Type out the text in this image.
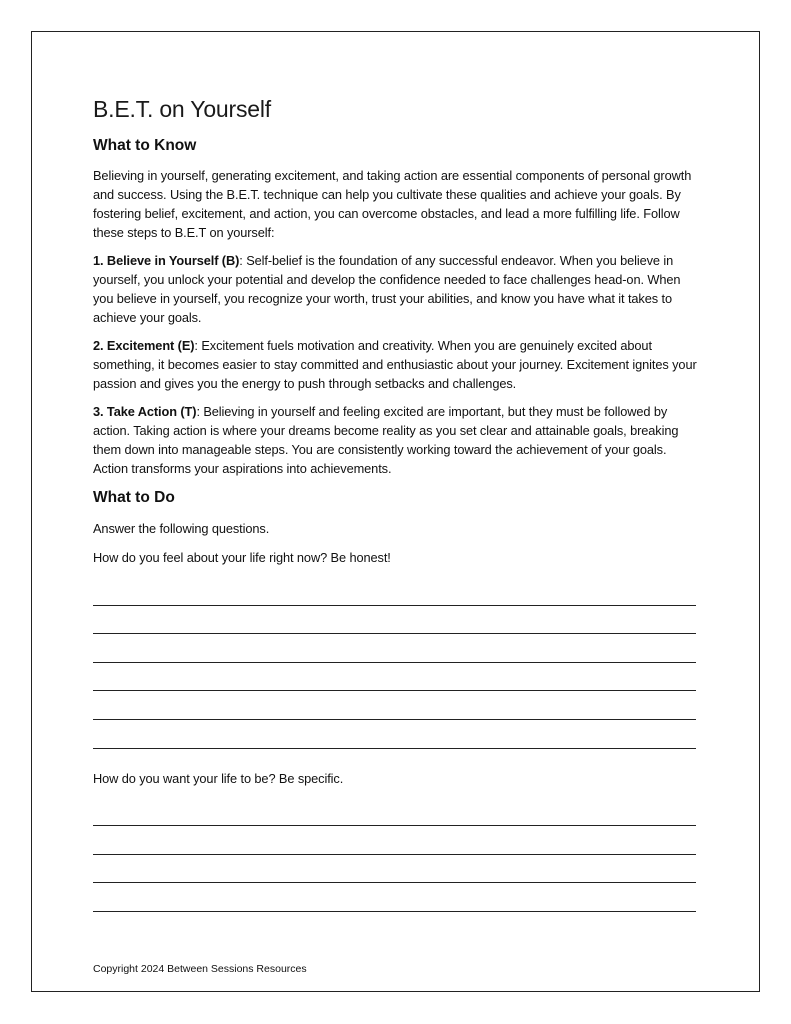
B.E.T. on Yourself
What to Know

Believing in yourself, generating excitement, and taking action are essential components of personal growth and success. Using the B.E.T. technique can help you cultivate these qualities and achieve your goals. By fostering belief, excitement, and action, you can overcome obstacles, and lead a more fulfilling life. Follow these steps to B.E.T on yourself:

1. Believe in Yourself (B): Self-belief is the foundation of any successful endeavor. When you believe in yourself, you unlock your potential and develop the confidence needed to face challenges head-on. When you believe in yourself, you recognize your worth, trust your abilities, and know you have what it takes to achieve your goals.

2. Excitement (E): Excitement fuels motivation and creativity. When you are genuinely excited about something, it becomes easier to stay committed and enthusiastic about your journey. Excitement ignites your passion and gives you the energy to push through setbacks and challenges.

3. Take Action (T): Believing in yourself and feeling excited are important, but they must be followed by action. Taking action is where your dreams become reality as you set clear and attainable goals, breaking them down into manageable steps. You are consistently working toward the achievement of your goals. Action transforms your aspirations into achievements.

What to Do

Answer the following questions.

How do you feel about your life right now? Be honest!

How do you want your life to be? Be specific.

Copyright 2024 Between Sessions Resources
